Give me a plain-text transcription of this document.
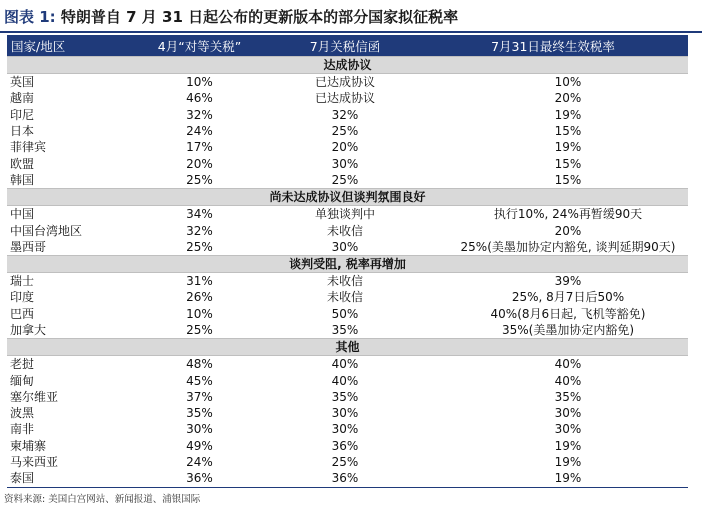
图表 1: 特朗普自 7 月 31 日起公布的更新版本的部分国家拟征税率
国家/地区	4月“对等关税”	7月关税信函	7月31日最终生效税率
达成协议			
英国	10%	已达成协议	10%
越南	46%	已达成协议	20%
印尼	32%	32%	19%
日本	24%	25%	15%
菲律宾	17%	20%	19%
欧盟	20%	30%	15%
韩国	25%	25%	15%
尚未达成协议但谈判氛围良好			
中国	34%	单独谈判中	执行10%, 24%再暂缓90天
中国台湾地区	32%	未收信	20%
墨西哥	25%	30%	25%(美墨加协定内豁免, 谈判延期90天)
谈判受阻, 税率再增加			
瑞士	31%	未收信	39%
印度	26%	未收信	25%, 8月7日后50%
巴西	10%	50%	40%(8月6日起, 飞机等豁免)
加拿大	25%	35%	35%(美墨加协定内豁免)
其他			
老挝	48%	40%	40%
缅甸	45%	40%	40%
塞尔维亚	37%	35%	35%
波黑	35%	30%	30%
南非	30%	30%	30%
柬埔寨	49%	36%	19%
马来西亚	24%	25%	19%
泰国	36%	36%	19%
资料来源: 美国白宫网站、新闻报道、浦银国际
